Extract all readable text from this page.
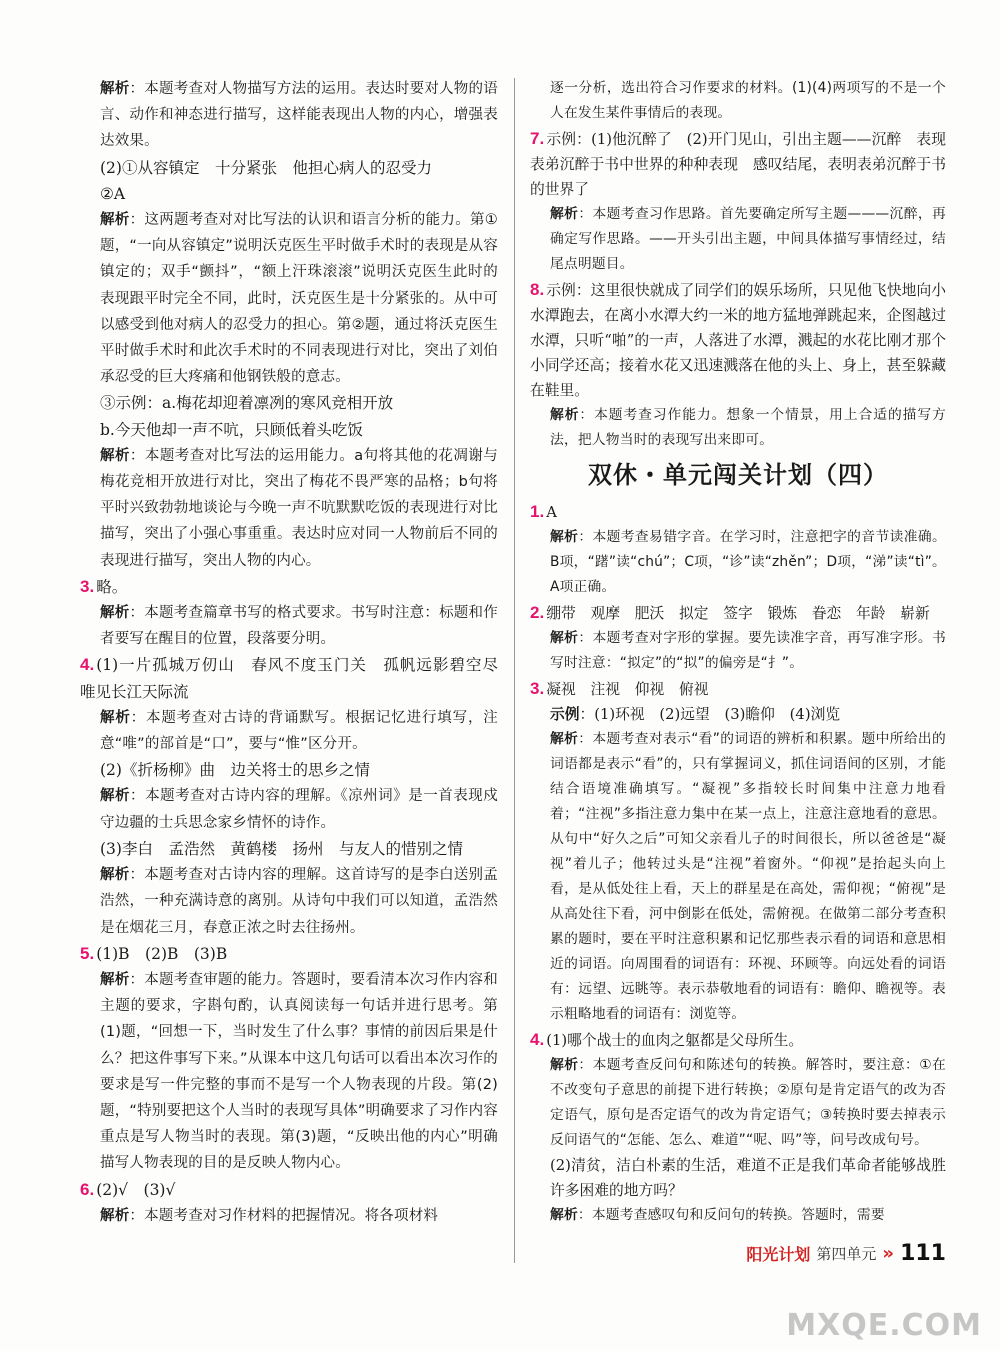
解析：本题考查对人物描写方法的运用。表达时要对人物的语言、动作和神态进行描写，这样能表现出人物的内心，增强表达效果。

(2)①从容镇定　十分紧张　他担心病人的忍受力

②A

解析：这两题考查对对比写法的认识和语言分析的能力。第①题，“一向从容镇定”说明沃克医生平时做手术时的表现是从容镇定的；双手“颤抖”，“额上汗珠滚滚”说明沃克医生此时的表现跟平时完全不同，此时，沃克医生是十分紧张的。从中可以感受到他对病人的忍受力的担心。第②题，通过将沃克医生平时做手术时和此次手术时的不同表现进行对比，突出了刘伯承忍受的巨大疼痛和他钢铁般的意志。

③示例：a.梅花却迎着凛冽的寒风竞相开放

b.今天他却一声不吭，只顾低着头吃饭

解析：本题考查对比写法的运用能力。a句将其他的花凋谢与梅花竞相开放进行对比，突出了梅花不畏严寒的品格；b句将平时兴致勃勃地谈论与今晚一声不吭默默吃饭的表现进行对比描写，突出了小强心事重重。表达时应对同一人物前后不同的表现进行描写，突出人物的内心。

3. 略。

解析：本题考查篇章书写的格式要求。书写时注意：标题和作者要写在醒目的位置，段落要分明。

4. (1)一片孤城万仞山　春风不度玉门关　孤帆远影碧空尽　唯见长江天际流

解析：本题考查对古诗的背诵默写。根据记忆进行填写，注意“唯”的部首是“口”，要与“惟”区分开。

(2)《折杨柳》曲　边关将士的思乡之情

解析：本题考查对古诗内容的理解。《凉州词》是一首表现戍守边疆的士兵思念家乡情怀的诗作。

(3)李白　孟浩然　黄鹤楼　扬州　与友人的惜别之情

解析：本题考查对古诗内容的理解。这首诗写的是李白送别孟浩然，一种充满诗意的离别。从诗句中我们可以知道，孟浩然是在烟花三月，春意正浓之时去往扬州。

5. (1)B　(2)B　(3)B

解析：本题考查审题的能力。答题时，要看清本次习作内容和主题的要求，字斟句酌，认真阅读每一句话并进行思考。第(1)题，“回想一下，当时发生了什么事？事情的前因后果是什么？把这件事写下来。”从课本中这几句话可以看出本次习作的要求是写一件完整的事而不是写一个人物表现的片段。第(2)题，“特别要把这个人当时的表现写具体”明确要求了习作内容重点是写人物当时的表现。第(3)题，“反映出他的内心”明确描写人物表现的目的是反映人物内心。

6. (2)√　(3)√

解析：本题考查对习作材料的把握情况。将各项材料

逐一分析，选出符合习作要求的材料。(1)(4)两项写的不是一个人在发生某件事情后的表现。

7. 示例：(1)他沉醉了　(2)开门见山，引出主题——沉醉　表现表弟沉醉于书中世界的种种表现　感叹结尾，表明表弟沉醉于书的世界了

解析：本题考查习作思路。首先要确定所写主题———沉醉，再确定写作思路。——开头引出主题，中间具体描写事情经过，结尾点明题目。

8. 示例：这里很快就成了同学们的娱乐场所，只见他飞快地向小水潭跑去，在离小水潭大约一米的地方猛地弹跳起来，企图越过水潭，只听“啪”的一声，人落进了水潭，溅起的水花比刚才那个小同学还高；接着水花又迅速溅落在他的头上、身上，甚至躲藏在鞋里。

解析：本题考查习作能力。想象一个情景，用上合适的描写方法，把人物当时的表现写出来即可。

双休・单元闯关计划（四）

1. A

解析：本题考查易错字音。在学习时，注意把字的音节读准确。B项，“躇”读“chú”；C项，“诊”读“zhěn”；D项，“涕”读“tì”。A项正确。

2. 绷带　观摩　肥沃　拟定　签字　锻炼　眷恋　年龄　崭新

解析：本题考查对字形的掌握。要先读准字音，再写准字形。书写时注意：“拟定”的“拟”的偏旁是“扌”。

3. 凝视　注视　仰视　俯视

示例：(1)环视　(2)远望　(3)瞻仰　(4)浏览

解析：本题考查对表示“看”的词语的辨析和积累。题中所给出的词语都是表示“看”的，只有掌握词义，抓住词语间的区别，才能结合语境准确填写。“凝视”多指较长时间集中注意力地看着；“注视”多指注意力集中在某一点上，注意注意地看的意思。从句中“好久之后”可知父亲看儿子的时间很长，所以爸爸是“凝视”着儿子；他转过头是“注视”着窗外。“仰视”是抬起头向上看，是从低处往上看，天上的群星是在高处，需仰视；“俯视”是从高处往下看，河中倒影在低处，需俯视。在做第二部分考查积累的题时，要在平时注意积累和记忆那些表示看的词语和意思相近的词语。向周围看的词语有：环视、环顾等。向远处看的词语有：远望、远眺等。表示恭敬地看的词语有：瞻仰、瞻视等。表示粗略地看的词语有：浏览等。

4. (1)哪个战士的血肉之躯都是父母所生。

解析：本题考查反问句和陈述句的转换。解答时，要注意：①在不改变句子意思的前提下进行转换；②原句是肯定语气的改为否定语气，原句是否定语气的改为肯定语气；③转换时要去掉表示反问语气的“怎能、怎么、难道”“呢、吗”等，问号改成句号。

(2)清贫，洁白朴素的生活，难道不正是我们革命者能够战胜许多困难的地方吗？

解析：本题考查感叹句和反问句的转换。答题时，需要

阳光计划 第四单元 » 111
MXQE.COM
